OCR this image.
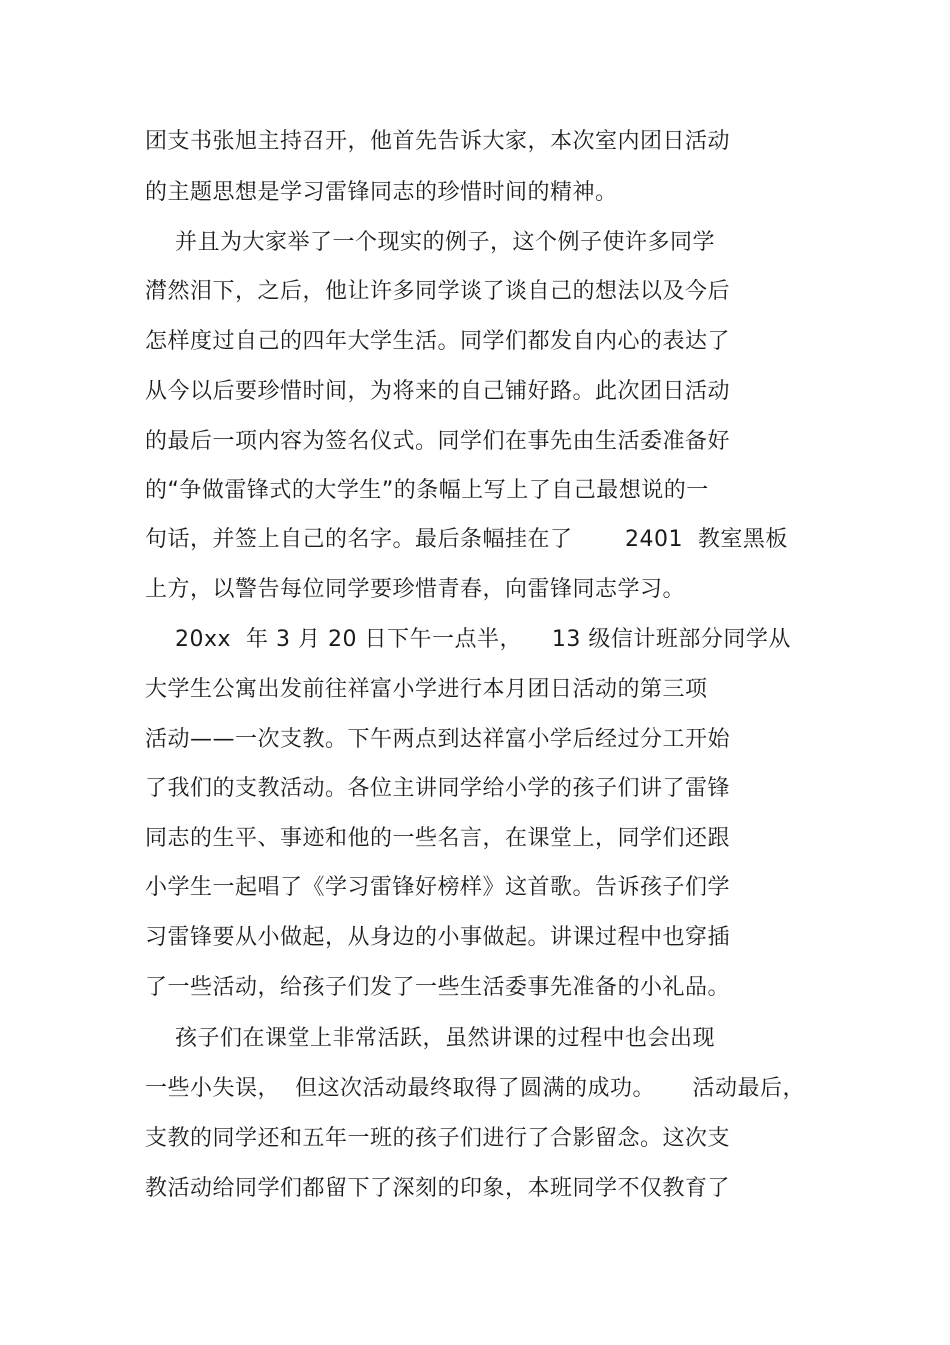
团支书张旭主持召开，他首先告诉大家，本次室内团日活动
的主题思想是学习雷锋同志的珍惜时间的精神。
并且为大家举了一个现实的例子，这个例子使许多同学
潸然泪下，之后，他让许多同学谈了谈自己的想法以及今后
怎样度过自己的四年大学生活。同学们都发自内心的表达了
从今以后要珍惜时间，为将来的自己铺好路。此次团日活动
的最后一项内容为签名仪式。同学们在事先由生活委准备好
的“争做雷锋式的大学生”的条幅上写上了自己最想说的一
句话，并签上自己的名字。最后条幅挂在了       2401  教室黑板
上方，以警告每位同学要珍惜青春，向雷锋同志学习。
20xx  年 3 月 20 日下午一点半，    13 级信计班部分同学从
大学生公寓出发前往祥富小学进行本月团日活动的第三项
活动——一次支教。下午两点到达祥富小学后经过分工开始
了我们的支教活动。各位主讲同学给小学的孩子们讲了雷锋
同志的生平、事迹和他的一些名言，在课堂上，同学们还跟
小学生一起唱了《学习雷锋好榜样》这首歌。告诉孩子们学
习雷锋要从小做起，从身边的小事做起。讲课过程中也穿插
了一些活动，给孩子们发了一些生活委事先准备的小礼品。
孩子们在课堂上非常活跃，虽然讲课的过程中也会出现
一些小失误，  但这次活动最终取得了圆满的成功。     活动最后，
支教的同学还和五年一班的孩子们进行了合影留念。这次支
教活动给同学们都留下了深刻的印象，本班同学不仅教育了
